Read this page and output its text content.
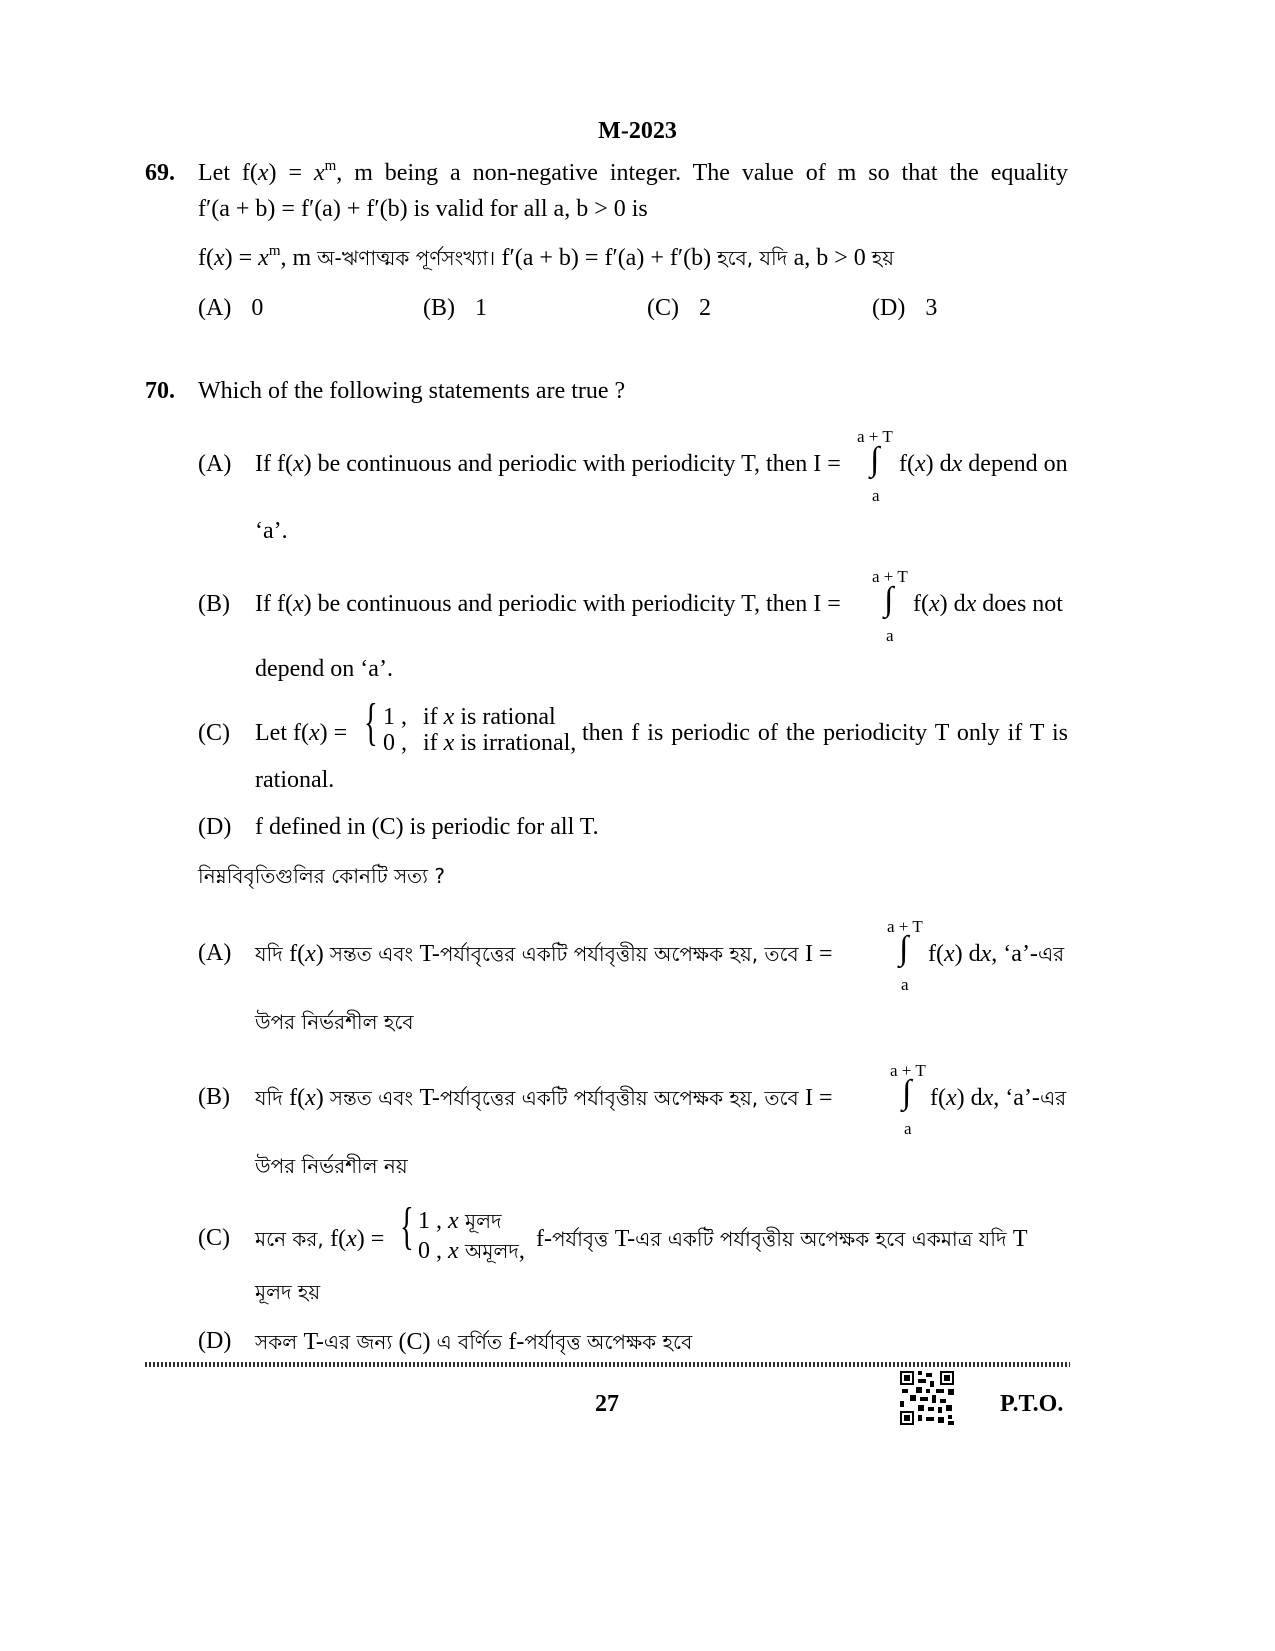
M-2023
69. Let $f(x) = x^m$, m being a non-negative integer. The value of m so that the equality
f′(a + b) = f′(a) + f′(b) is valid for all a, b > 0 is
$f(x) = x^m$, m অ-ঋণাত্মক পূর্ণসংখ্যা। f′(a + b) = f′(a) + f′(b) হবে, যদি a, b > 0 হয়
(A) 0	(B) 1	(C) 2	(D) 3
70. Which of the following statements are true ?
(A) If f(x) be continuous and periodic with periodicity T, then I =
a + T
∫
a
f(x) dx depend on
‘a’.
(B) If f(x) be continuous and periodic with periodicity T, then I =
a + T
∫
a
f(x) dx does not
depend on ‘a’.
(C) Let f(x) = { 1 , if x is rational
0 , if x is irrational, then f is periodic of the periodicity T only if T is
rational.
(D) f defined in (C) is periodic for all T.
নিম্নবিবৃতিগুলির কোনটি সত্য ?
(A) যদি f(x) সন্তত এবং T-পর্যাবৃত্তের একটি পর্যাবৃত্তীয় অপেক্ষক হয়, তবে I =
a + T
∫
a
f(x) dx, ‘a’-এর
উপর নির্ভরশীল হবে
(B) যদি f(x) সন্তত এবং T-পর্যাবৃত্তের একটি পর্যাবৃত্তীয় অপেক্ষক হয়, তবে I =
a + T
∫
a
f(x) dx, ‘a’-এর
উপর নির্ভরশীল নয়
(C) মনে কর, f(x) = { 1 , x মূলদ
0 , x অমূলদ, f-পর্যাবৃত্ত T-এর একটি পর্যাবৃত্তীয় অপেক্ষক হবে একমাত্র যদি T
মূলদ হয়
(D) সকল T-এর জন্য (C) এ বর্ণিত f-পর্যাবৃত্ত অপেক্ষক হবে
27	P.T.O.
